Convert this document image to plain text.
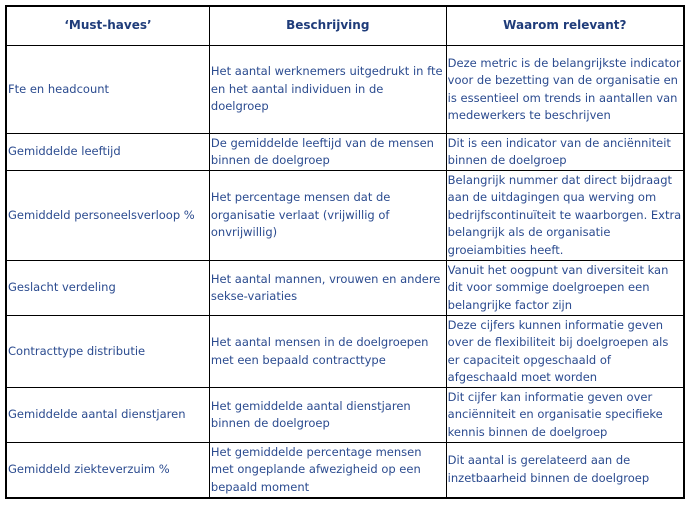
‘Must-haves’	Beschrijving	Waarom relevant?

Fte en headcount	Het aantal werknemers uitgedrukt in fte en het aantal individuen in de doelgroep	Deze metric is de belangrijkste indicator voor de bezetting van de organisatie en is essentieel om trends in aantallen van medewerkers te beschrijven

Gemiddelde leeftijd	De gemiddelde leeftijd van de mensen binnen de doelgroep	Dit is een indicator van de anciënniteit binnen de doelgroep

Gemiddeld personeelsverloop %	Het percentage mensen dat de organisatie verlaat (vrijwillig of onvrijwillig)	Belangrijk nummer dat direct bijdraagt aan de uitdagingen qua werving om bedrijfscontinuïteit te waarborgen. Extra belangrijk als de organisatie groeiambities heeft.

Geslacht verdeling	Het aantal mannen, vrouwen en andere sekse-variaties	Vanuit het oogpunt van diversiteit kan dit voor sommige doelgroepen een belangrijke factor zijn

Contracttype distributie	Het aantal mensen in de doelgroepen met een bepaald contracttype	Deze cijfers kunnen informatie geven over de flexibiliteit bij doelgroepen als er capaciteit opgeschaald of afgeschaald moet worden

Gemiddelde aantal dienstjaren	Het gemiddelde aantal dienstjaren binnen de doelgroep	Dit cijfer kan informatie geven over anciënniteit en organisatie specifieke kennis binnen de doelgroep

Gemiddeld ziekteverzuim %	Het gemiddelde percentage mensen met ongeplande afwezigheid op een bepaald moment	Dit aantal is gerelateerd aan de inzetbaarheid binnen de doelgroep
